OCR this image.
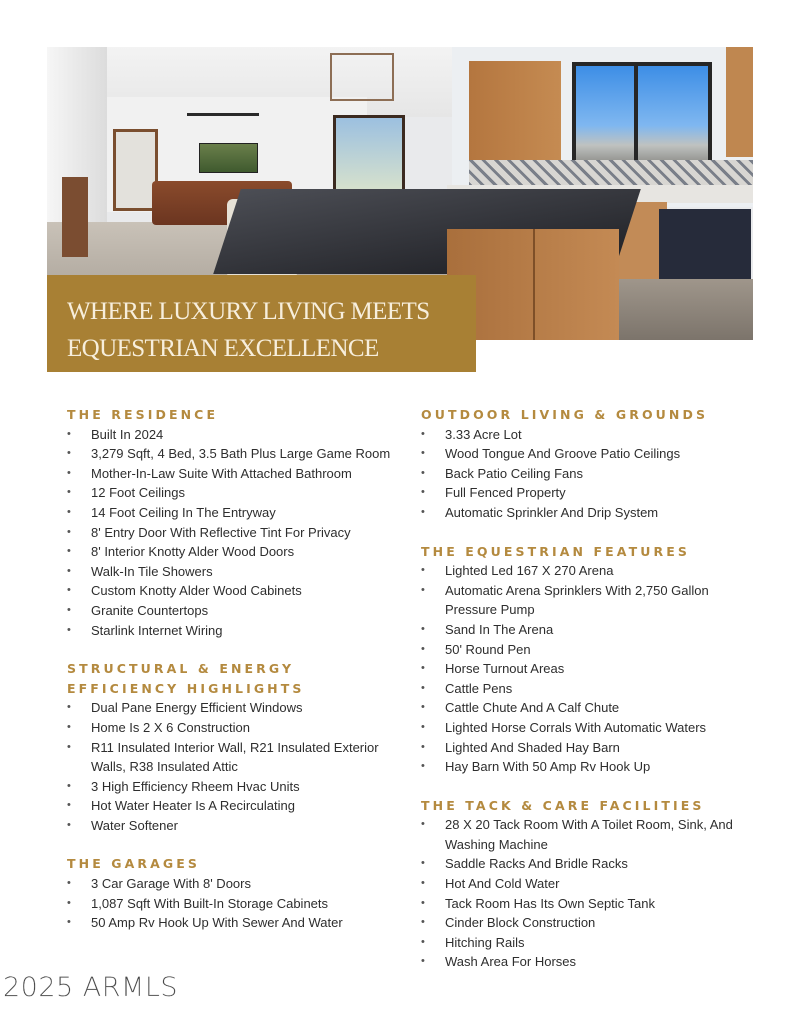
WHERE LUXURY LIVING MEETS
EQUESTRIAN EXCELLENCE
THE RESIDENCE
•	Built In 2024
•	3,279 Sqft, 4 Bed, 3.5 Bath Plus Large Game Room
•	Mother-In-Law Suite With Attached Bathroom
•	12 Foot Ceilings
•	14 Foot Ceiling In The Entryway
•	8' Entry Door With Reflective Tint For Privacy
•	8' Interior Knotty Alder Wood Doors
•	Walk-In Tile Showers
•	Custom Knotty Alder Wood Cabinets
•	Granite Countertops
•	Starlink Internet Wiring
STRUCTURAL & ENERGY
EFFICIENCY HIGHLIGHTS
•	Dual Pane Energy Efficient Windows
•	Home Is 2 X 6 Construction
•	R11 Insulated Interior Wall, R21 Insulated Exterior Walls, R38 Insulated Attic
•	3 High Efficiency Rheem Hvac Units
•	Hot Water Heater Is A Recirculating
•	Water Softener
THE GARAGES
•	3 Car Garage With 8' Doors
•	1,087 Sqft With Built-In Storage Cabinets
•	50 Amp Rv Hook Up With Sewer And Water
OUTDOOR LIVING & GROUNDS
•	3.33 Acre Lot
•	Wood Tongue And Groove Patio Ceilings
•	Back Patio Ceiling Fans
•	Full Fenced Property
•	Automatic Sprinkler And Drip System
THE EQUESTRIAN FEATURES
•	Lighted Led 167 X 270 Arena
•	Automatic Arena Sprinklers With 2,750 Gallon Pressure Pump
•	Sand In The Arena
•	50' Round Pen
•	Horse Turnout Areas
•	Cattle Pens
•	Cattle Chute And A Calf Chute
•	Lighted Horse Corrals With Automatic Waters
•	Lighted And Shaded Hay Barn
•	Hay Barn With 50 Amp Rv Hook Up
THE TACK & CARE FACILITIES
•	28 X 20 Tack Room With A Toilet Room, Sink, And Washing Machine
•	Saddle Racks And Bridle Racks
•	Hot And Cold Water
•	Tack Room Has Its Own Septic Tank
•	Cinder Block Construction
•	Hitching Rails
•	Wash Area For Horses
2025 ARMLS
